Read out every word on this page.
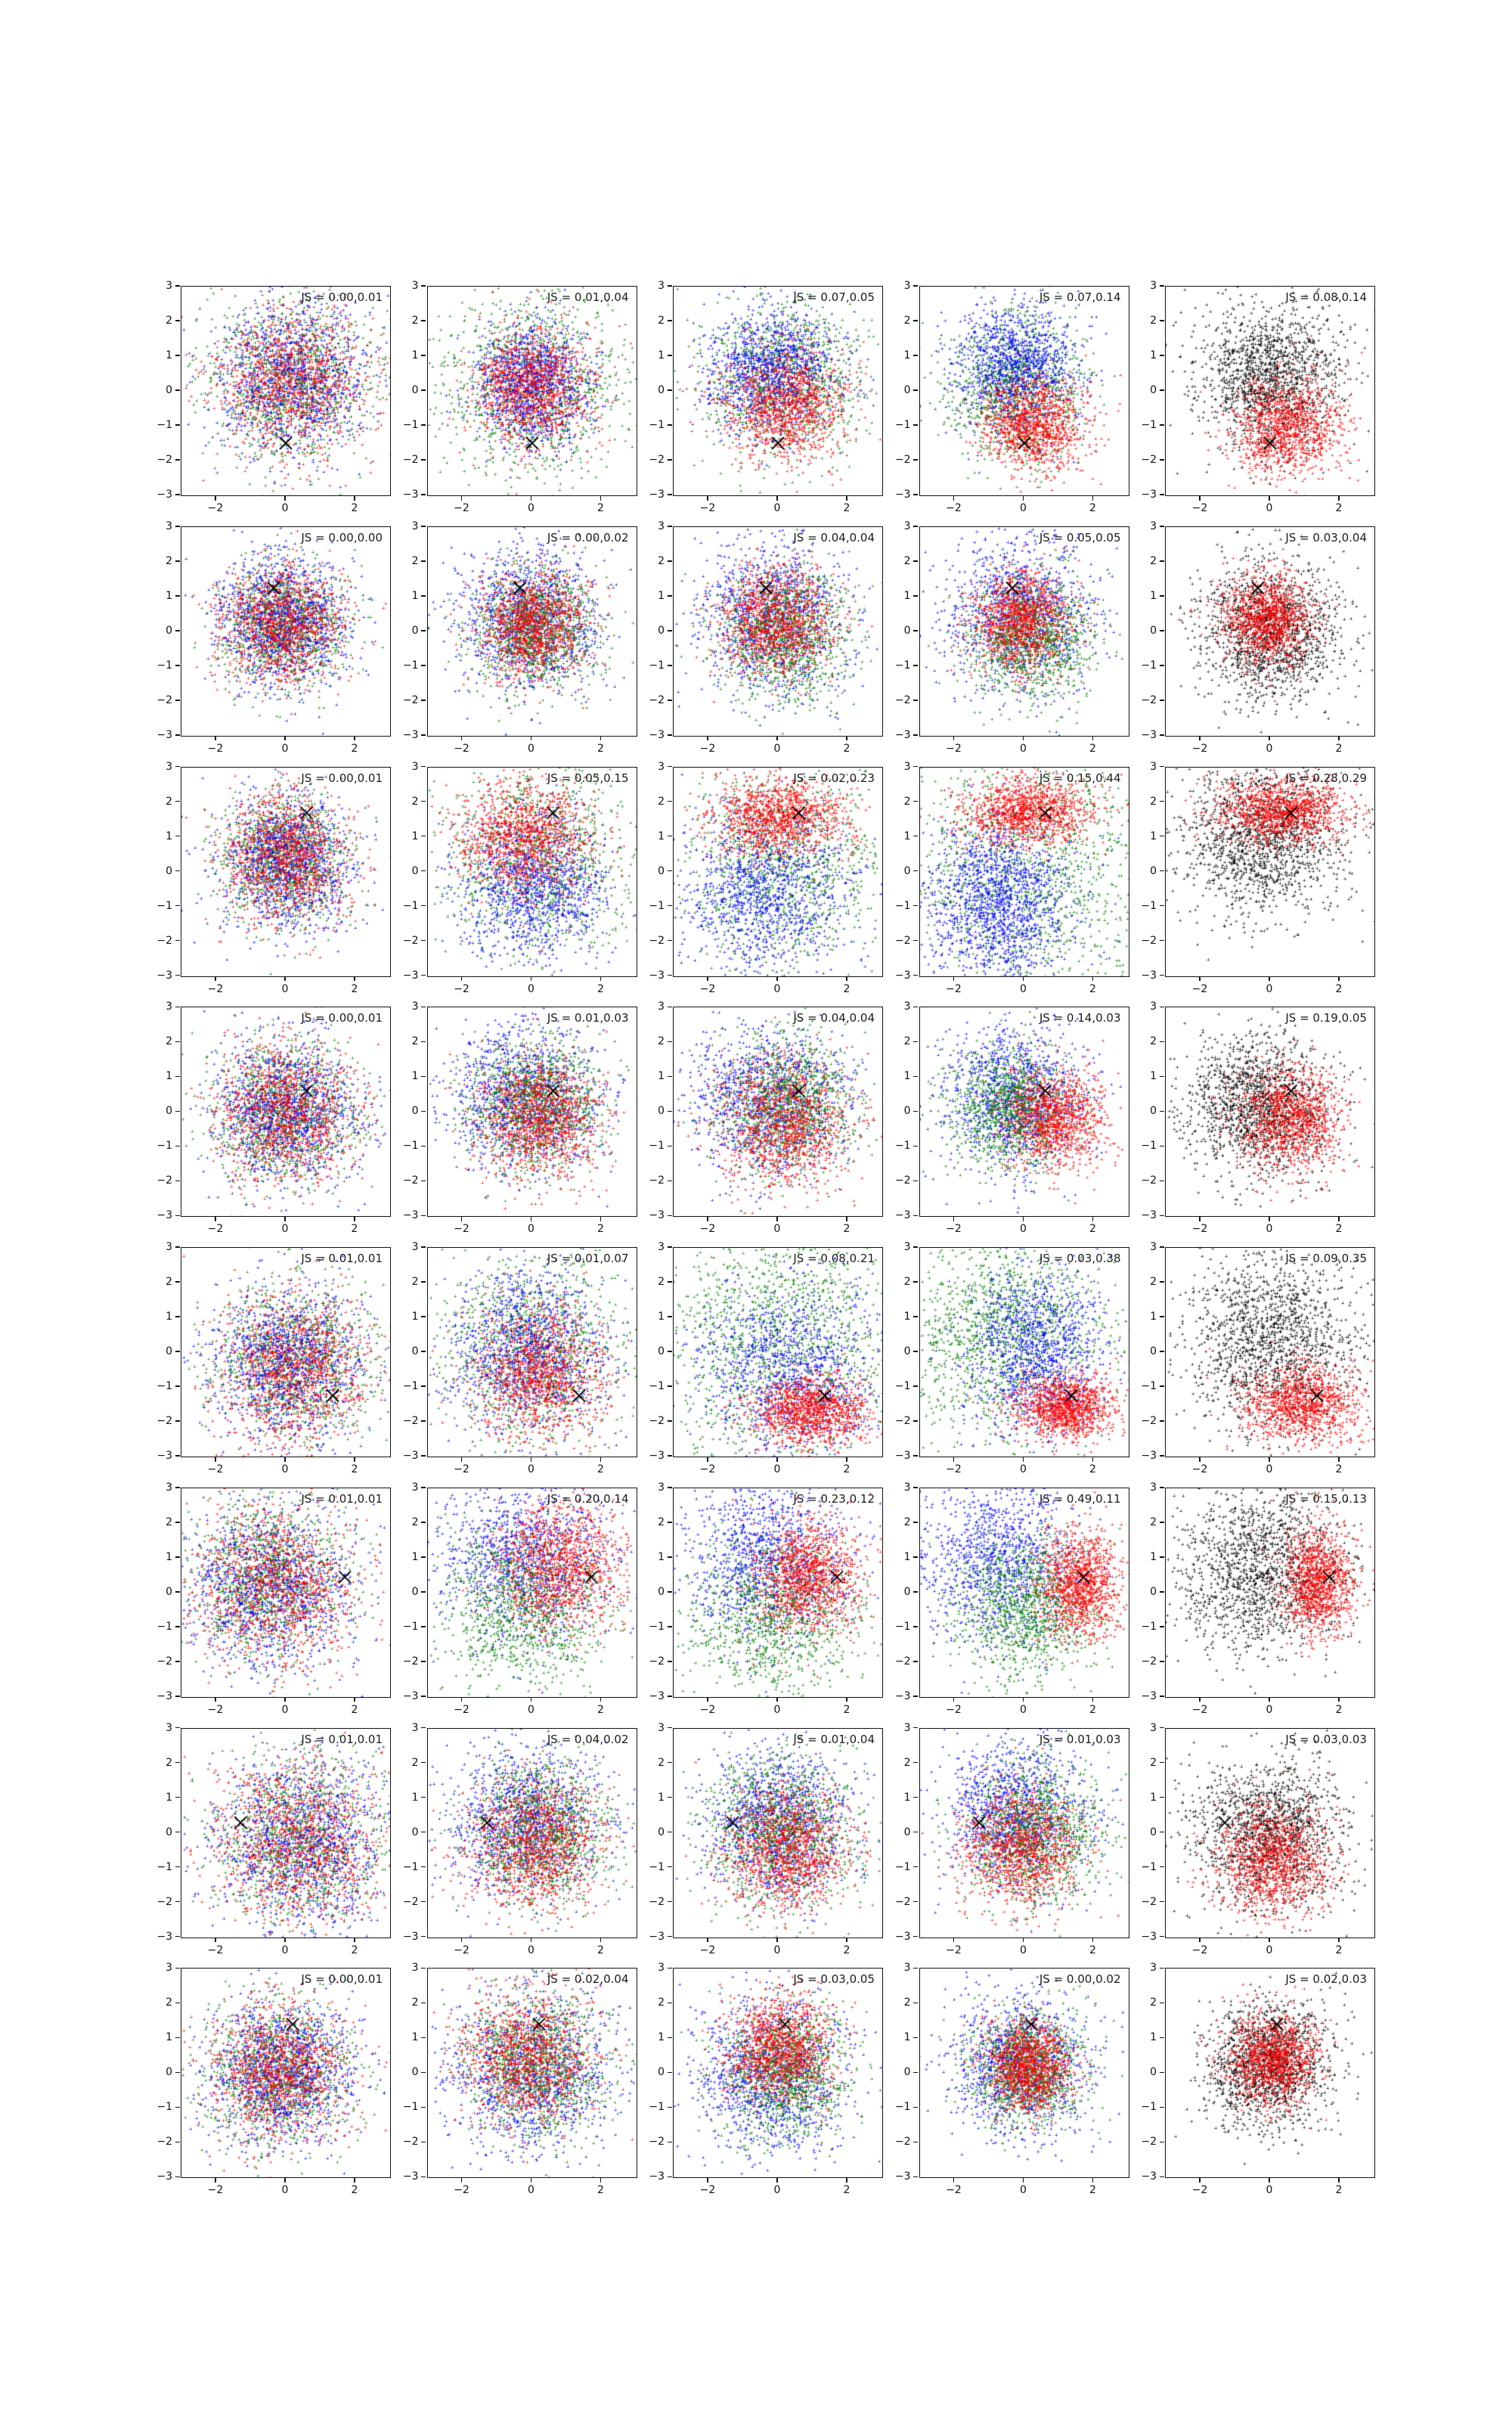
JS = 0.00,0.01
3
2
1
0
−1
−2
−3
−2	0	2
JS = 0.01,0.04
3
2
1
0
−1
−2
−3
−2	0	2
JS = 0.07,0.05
3
2
1
0
−1
−2
−3
−2	0	2
JS = 0.07,0.14
3
2
1
0
−1
−2
−3
−2	0	2
JS = 0.08,0.14
3
2
1
0
−1
−2
−3
−2	0	2
JS = 0.00,0.00
3
2
1
0
−1
−2
−3
−2	0	2
JS = 0.00,0.02
3
2
1
0
−1
−2
−3
−2	0	2
JS = 0.04,0.04
3
2
1
0
−1
−2
−3
−2	0	2
JS = 0.05,0.05
3
2
1
0
−1
−2
−3
−2	0	2
JS = 0.03,0.04
3
2
1
0
−1
−2
−3
−2	0	2
JS = 0.00,0.01
3
2
1
0
−1
−2
−3
−2	0	2
JS = 0.05,0.15
3
2
1
0
−1
−2
−3
−2	0	2
JS = 0.02,0.23
3
2
1
0
−1
−2
−3
−2	0	2
JS = 0.15,0.44
3
2
1
0
−1
−2
−3
−2	0	2
JS = 0.28,0.29
3
2
1
0
−1
−2
−3
−2	0	2
JS = 0.00,0.01
3
2
1
0
−1
−2
−3
−2	0	2
JS = 0.01,0.03
3
2
1
0
−1
−2
−3
−2	0	2
JS = 0.04,0.04
3
2
1
0
−1
−2
−3
−2	0	2
JS = 0.14,0.03
3
2
1
0
−1
−2
−3
−2	0	2
JS = 0.19,0.05
3
2
1
0
−1
−2
−3
−2	0	2
JS = 0.01,0.01
3
2
1
0
−1
−2
−3
−2	0	2
JS = 0.01,0.07
3
2
1
0
−1
−2
−3
−2	0	2
JS = 0.08,0.21
3
2
1
0
−1
−2
−3
−2	0	2
JS = 0.03,0.38
3
2
1
0
−1
−2
−3
−2	0	2
JS = 0.09,0.35
3
2
1
0
−1
−2
−3
−2	0	2
JS = 0.01,0.01
3
2
1
0
−1
−2
−3
−2	0	2
JS = 0.20,0.14
3
2
1
0
−1
−2
−3
−2	0	2
JS = 0.23,0.12
3
2
1
0
−1
−2
−3
−2	0	2
JS = 0.49,0.11
3
2
1
0
−1
−2
−3
−2	0	2
JS = 0.15,0.13
3
2
1
0
−1
−2
−3
−2	0	2
JS = 0.01,0.01
3
2
1
0
−1
−2
−3
−2	0	2
JS = 0.04,0.02
3
2
1
0
−1
−2
−3
−2	0	2
JS = 0.01,0.04
3
2
1
0
−1
−2
−3
−2	0	2
JS = 0.01,0.03
3
2
1
0
−1
−2
−3
−2	0	2
JS = 0.03,0.03
3
2
1
0
−1
−2
−3
−2	0	2
JS = 0.00,0.01
3
2
1
0
−1
−2
−3
−2	0	2
JS = 0.02,0.04
3
2
1
0
−1
−2
−3
−2	0	2
JS = 0.03,0.05
3
2
1
0
−1
−2
−3
−2	0	2
JS = 0.00,0.02
3
2
1
0
−1
−2
−3
−2	0	2
JS = 0.02,0.03
3
2
1
0
−1
−2
−3
−2	0	2
